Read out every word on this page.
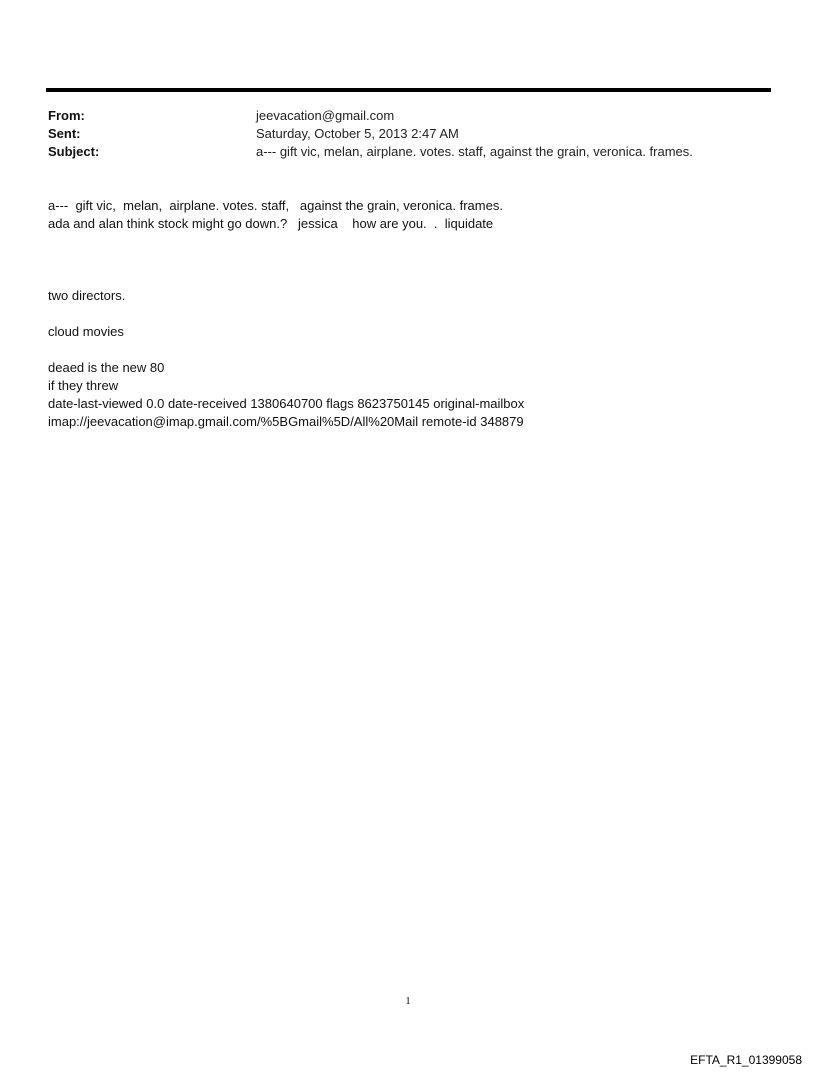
From:	jeevacation@gmail.com
Sent:	Saturday, October 5, 2013 2:47 AM
Subject:	a--- gift vic, melan, airplane. votes. staff, against the grain, veronica. frames.
a---  gift vic,  melan,  airplane. votes. staff,   against the grain, veronica. frames.
ada and alan think stock might go down.?   jessica    how are you.  .  liquidate
two directors.
cloud movies
deaed is the new 80
if they threw
date-last-viewed 0.0 date-received 1380640700 flags 8623750145 original-mailbox
imap://jeevacation@imap.gmail.com/%5BGmail%5D/All%20Mail remote-id 348879
1
EFTA_R1_01399058
